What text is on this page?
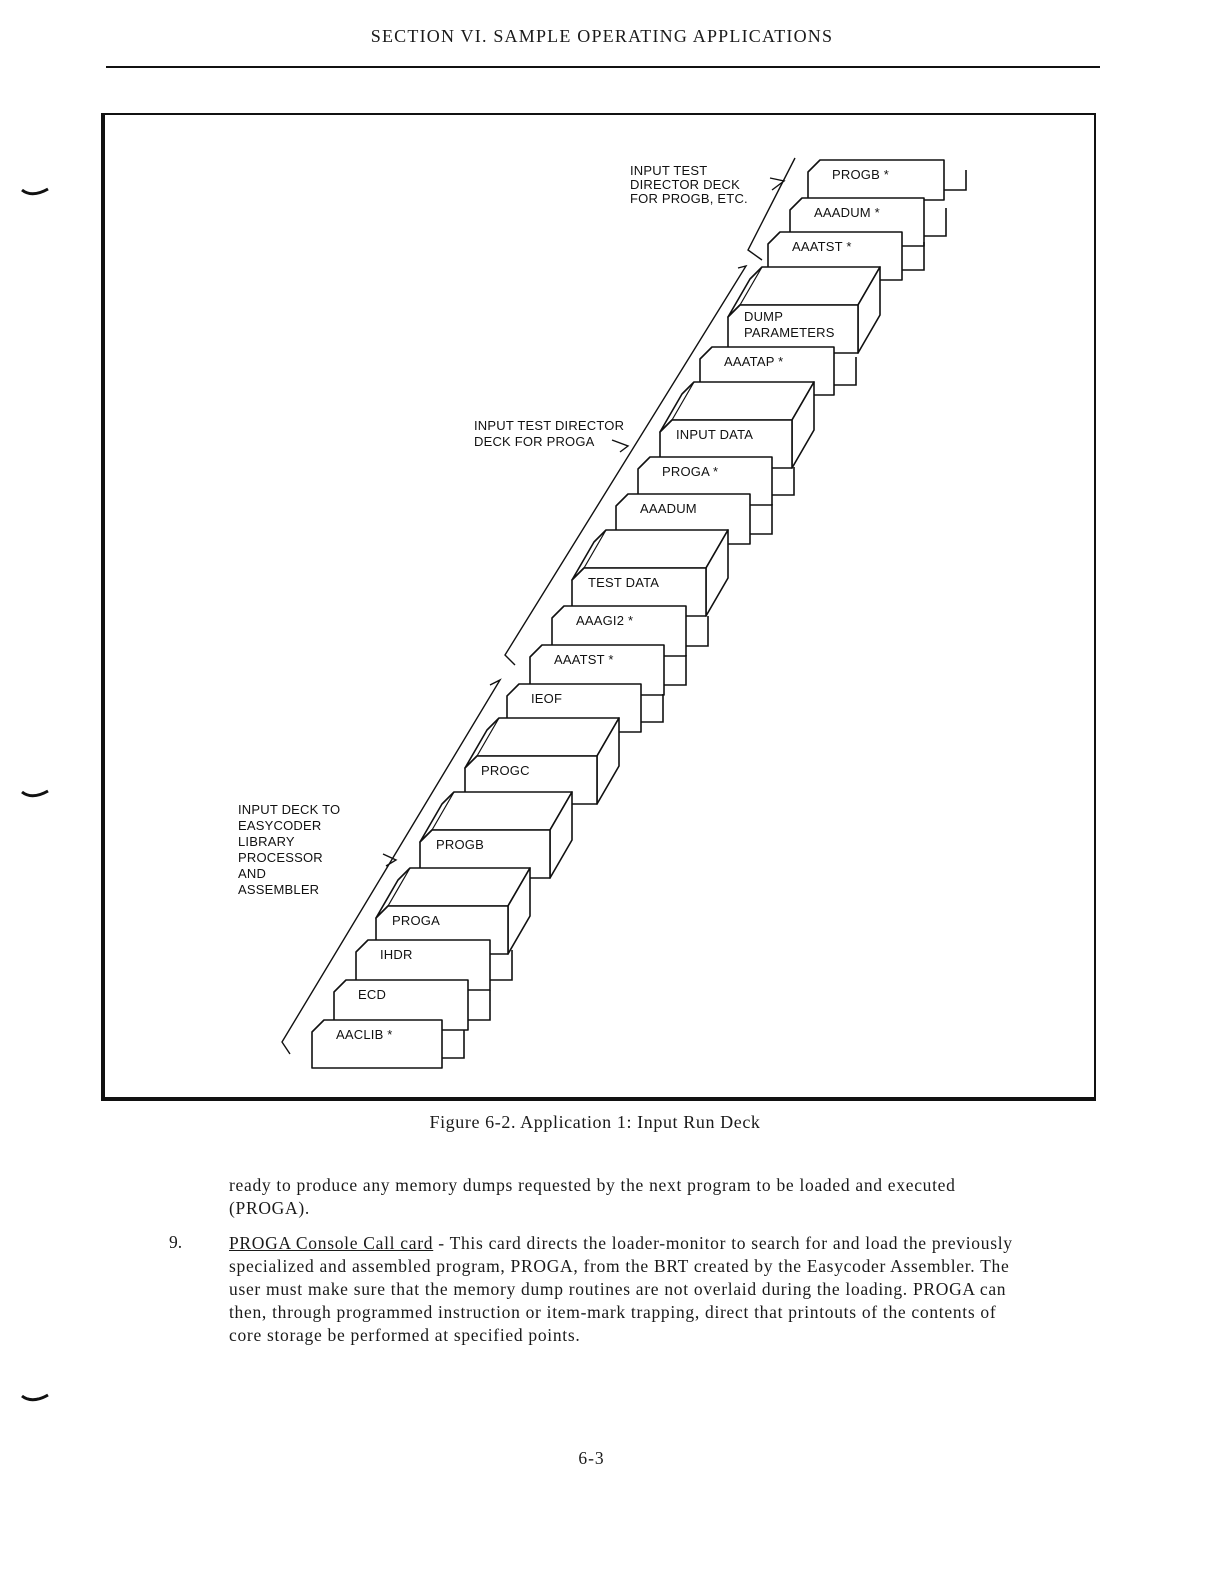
SECTION VI. SAMPLE OPERATING APPLICATIONS
PROGB *
AAADUM *
AAATST *
DUMP
PARAMETERS
AAATAP *
INPUT DATA
PROGA *
AAADUM
TEST DATA
AAAGI2 *
AAATST *
IEOF
PROGC
PROGB
PROGA
IHDR
ECD
AACLIB *
INPUT TEST
DIRECTOR DECK
FOR PROGB, ETC.
INPUT TEST DIRECTOR
DECK FOR PROGA
INPUT DECK TO
EASYCODER
LIBRARY
PROCESSOR
AND
ASSEMBLER
Figure 6-2. Application 1: Input Run Deck
ready to produce any memory dumps requested by the next program to be loaded and executed (PROGA).
9.	PROGA Console Call card - This card directs the loader-monitor to search for and load the previously specialized and assembled program, PROGA, from the BRT created by the Easycoder Assembler. The user must make sure that the memory dump routines are not overlaid during the loading. PROGA can then, through programmed instruction or item-mark trapping, direct that printouts of the contents of core storage be performed at specified points.
6-3
